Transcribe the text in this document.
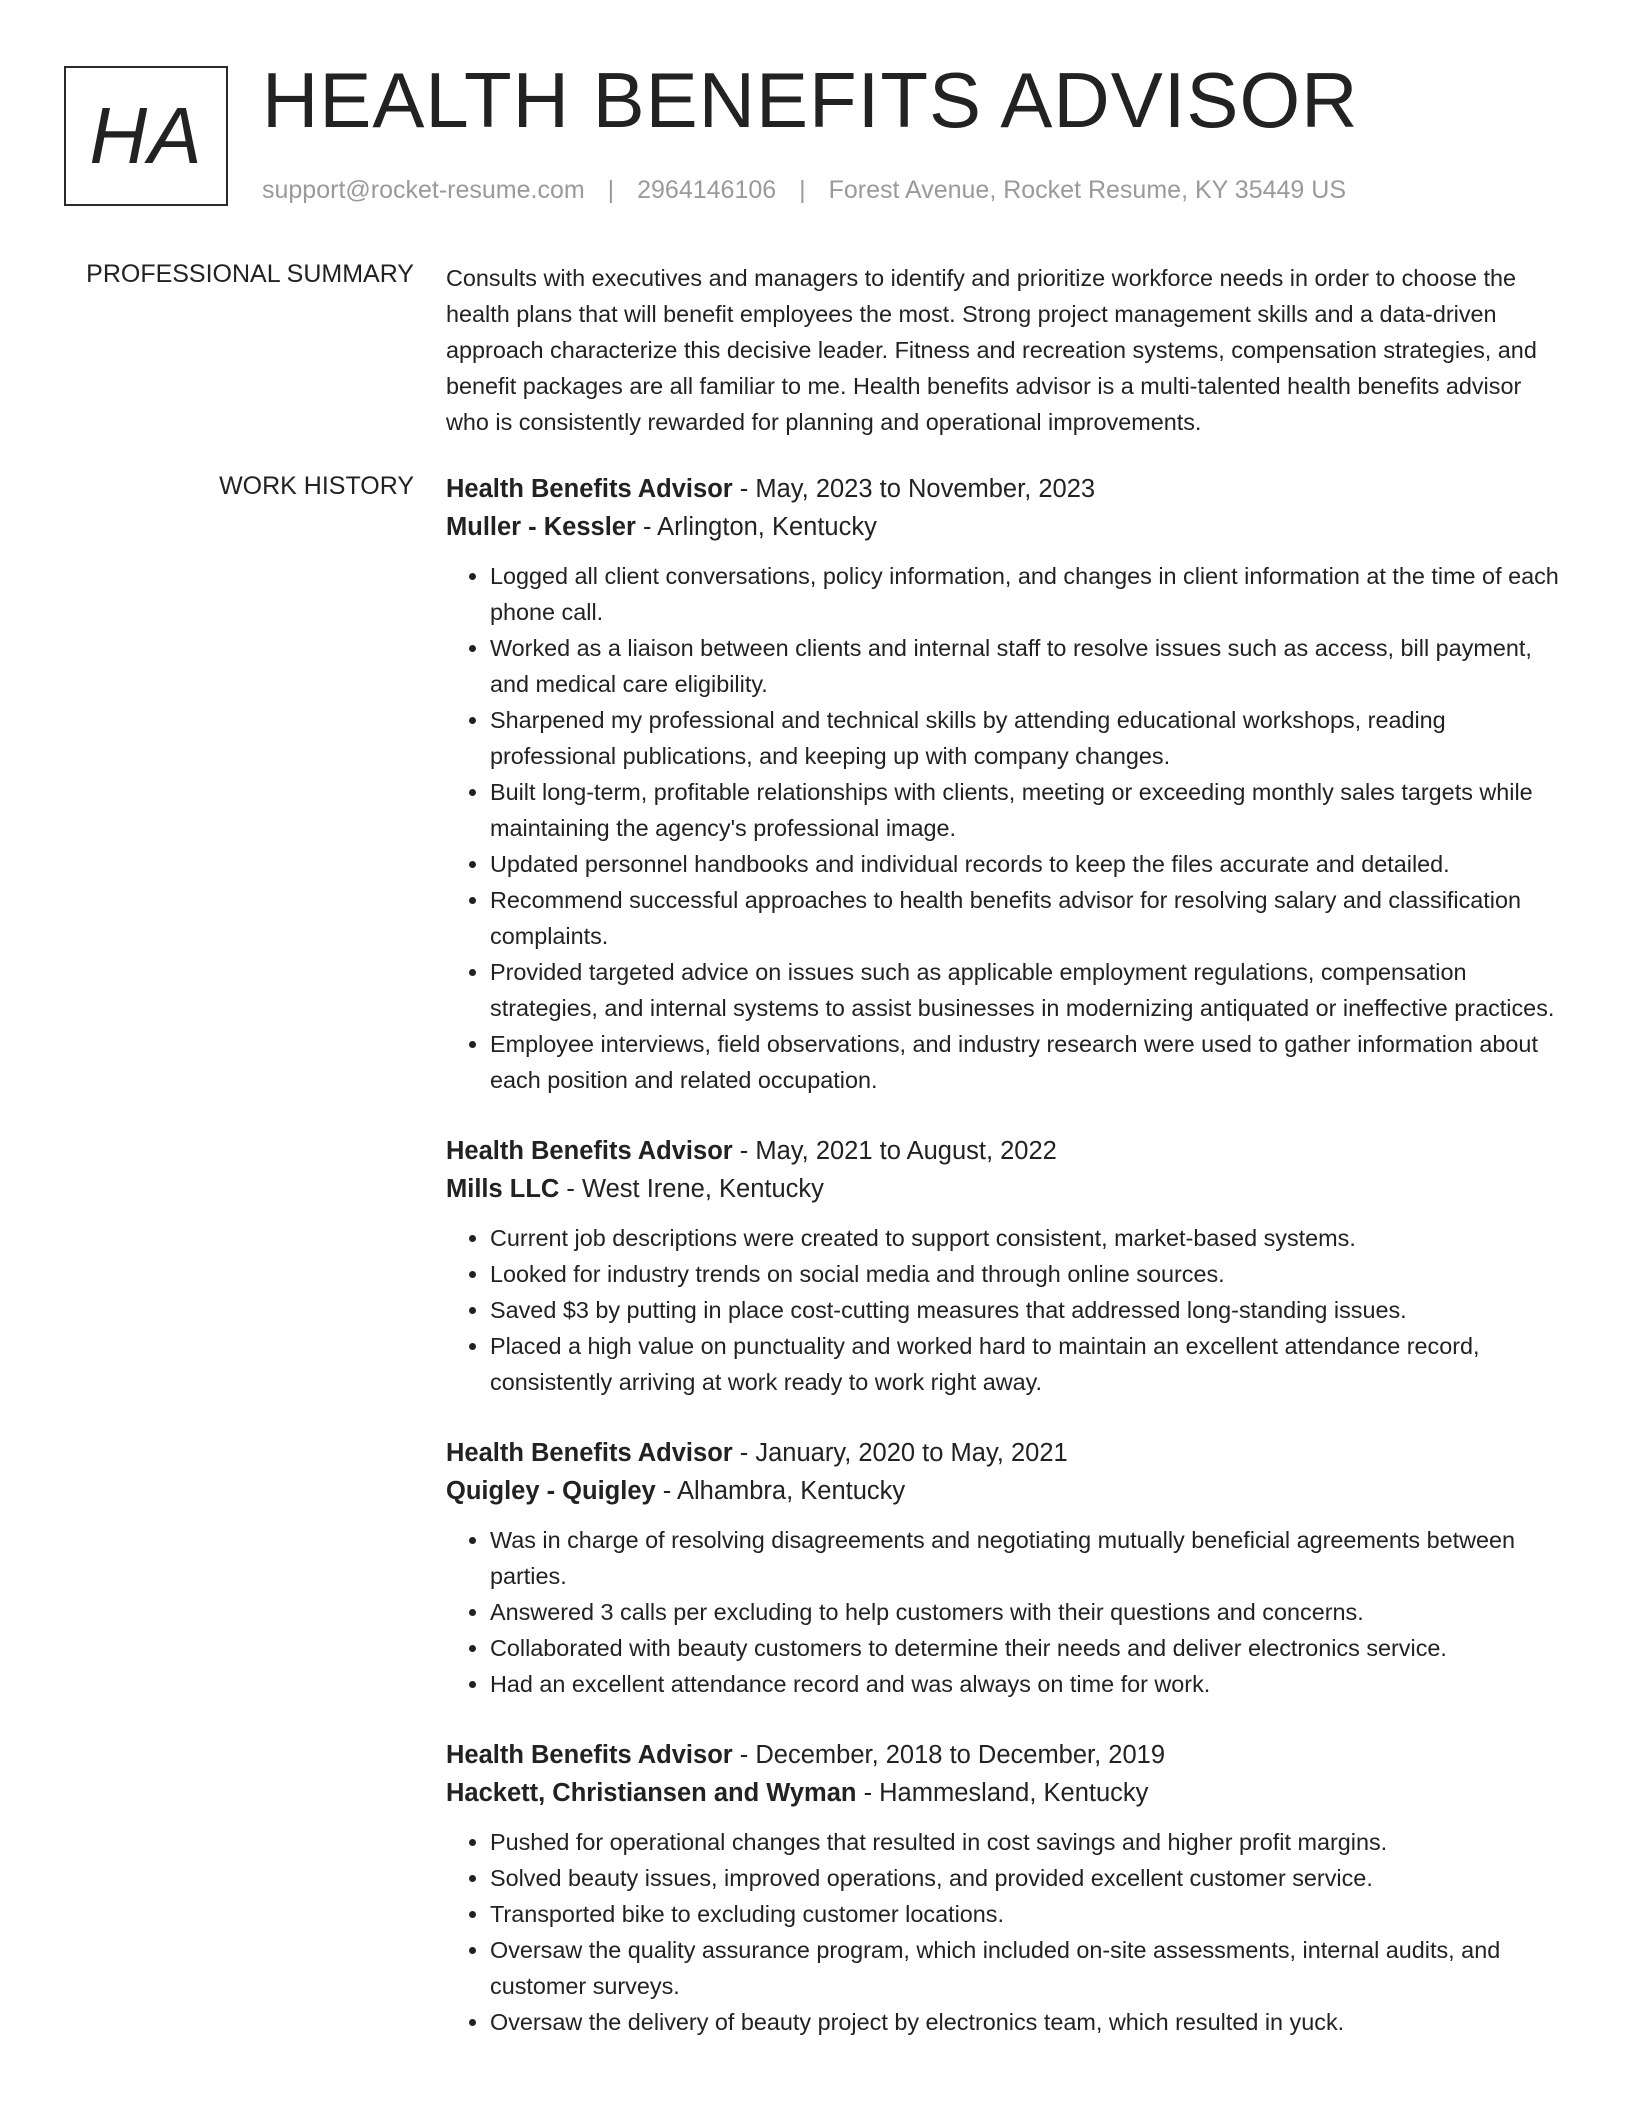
HA HEALTH BENEFITS ADVISOR
support@rocket-resume.com | 2964146106 | Forest Avenue, Rocket Resume, KY 35449 US
PROFESSIONAL SUMMARY Consults with executives and managers to identify and prioritize workforce needs in order to choose the health plans that will benefit employees the most. Strong project management skills and a data-driven approach characterize this decisive leader. Fitness and recreation systems, compensation strategies, and benefit packages are all familiar to me. Health benefits advisor is a multi-talented health benefits advisor who is consistently rewarded for planning and operational improvements.
WORK HISTORY Health Benefits Advisor - May, 2023 to November, 2023
Muller - Kessler - Arlington, Kentucky
• Logged all client conversations, policy information, and changes in client information at the time of each phone call.
• Worked as a liaison between clients and internal staff to resolve issues such as access, bill payment, and medical care eligibility.
• Sharpened my professional and technical skills by attending educational workshops, reading professional publications, and keeping up with company changes.
• Built long-term, profitable relationships with clients, meeting or exceeding monthly sales targets while maintaining the agency's professional image.
• Updated personnel handbooks and individual records to keep the files accurate and detailed.
• Recommend successful approaches to health benefits advisor for resolving salary and classification complaints.
• Provided targeted advice on issues such as applicable employment regulations, compensation strategies, and internal systems to assist businesses in modernizing antiquated or ineffective practices.
• Employee interviews, field observations, and industry research were used to gather information about each position and related occupation.
Health Benefits Advisor - May, 2021 to August, 2022
Mills LLC - West Irene, Kentucky
• Current job descriptions were created to support consistent, market-based systems.
• Looked for industry trends on social media and through online sources.
• Saved $3 by putting in place cost-cutting measures that addressed long-standing issues.
• Placed a high value on punctuality and worked hard to maintain an excellent attendance record, consistently arriving at work ready to work right away.
Health Benefits Advisor - January, 2020 to May, 2021
Quigley - Quigley - Alhambra, Kentucky
• Was in charge of resolving disagreements and negotiating mutually beneficial agreements between parties.
• Answered 3 calls per excluding to help customers with their questions and concerns.
• Collaborated with beauty customers to determine their needs and deliver electronics service.
• Had an excellent attendance record and was always on time for work.
Health Benefits Advisor - December, 2018 to December, 2019
Hackett, Christiansen and Wyman - Hammesland, Kentucky
• Pushed for operational changes that resulted in cost savings and higher profit margins.
• Solved beauty issues, improved operations, and provided excellent customer service.
• Transported bike to excluding customer locations.
• Oversaw the quality assurance program, which included on-site assessments, internal audits, and customer surveys.
• Oversaw the delivery of beauty project by electronics team, which resulted in yuck.
